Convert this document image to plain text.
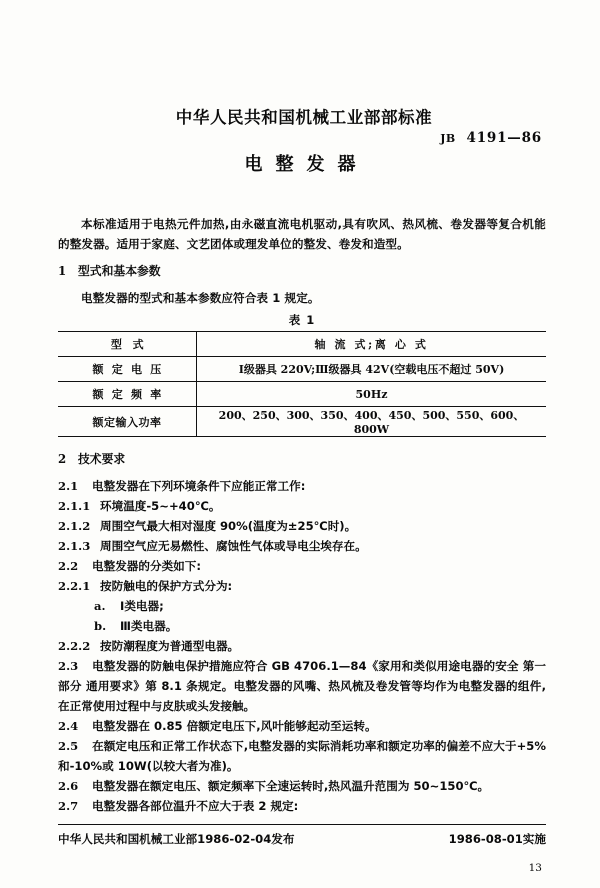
中华人民共和国机械工业部部标准
JB 4191—86
电整发器

本标准适用于电热元件加热,由永磁直流电机驱动,具有吹风、热风梳、卷发器等复合机能的整发器。适用于家庭、文艺团体或理发单位的整发、卷发和造型。

1 型式和基本参数

电整发器的型式和基本参数应符合表 1 规定。

表 1
型 式	轴 流 式;离 心 式
额 定 电 压	Ⅰ级器具 220V;Ⅲ级器具 42V(空载电压不超过 50V)
额 定 频 率	50Hz
额定输入功率	200、250、300、350、400、450、500、550、600、800W
2 技术要求

2.1 电整发器在下列环境条件下应能正常工作:

2.1.1 环境温度-5~+40℃。

2.1.2 周围空气最大相对湿度 90%(温度为±25℃时)。

2.1.3 周围空气应无易燃性、腐蚀性气体或导电尘埃存在。

2.2 电整发器的分类如下:

2.2.1 按防触电的保护方式分为:

a. Ⅰ类电器;

b. Ⅲ类电器。

2.2.2 按防潮程度为普通型电器。

2.3 电整发器的防触电保护措施应符合 GB 4706.1—84《家用和类似用途电器的安全 第一部分 通用要求》第 8.1 条规定。电整发器的风嘴、热风梳及卷发管等均作为电整发器的组件,在正常使用过程中与皮肤或头发接触。

2.4 电整发器在 0.85 倍额定电压下,风叶能够起动至运转。

2.5 在额定电压和正常工作状态下,电整发器的实际消耗功率和额定功率的偏差不应大于+5%和-10%或 10W(以较大者为准)。

2.6 电整发器在额定电压、额定频率下全速运转时,热风温升范围为 50~150℃。

2.7 电整发器各部位温升不应大于表 2 规定:

中华人民共和国机械工业部1986-02-04发布	1986-08-01实施
13
